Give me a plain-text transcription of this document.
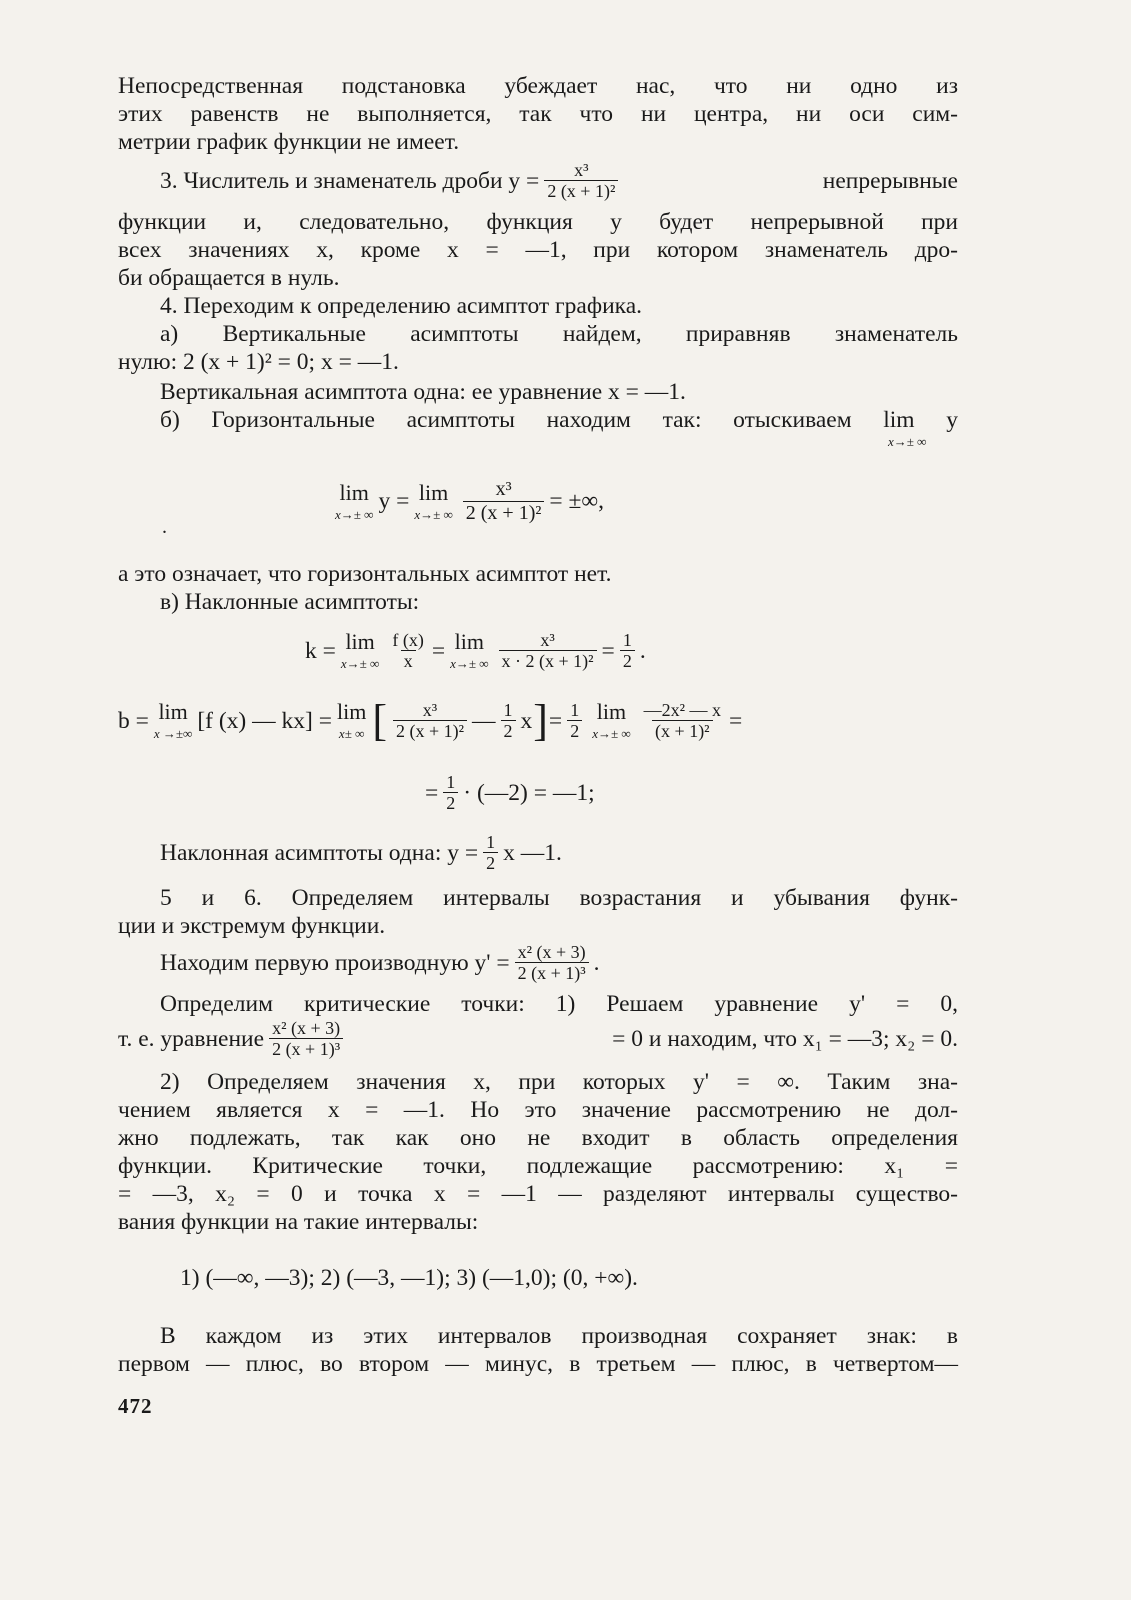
Непосредственная подстановка убеждает нас, что ни одно из
этих равенств не выполняется, так что ни центра, ни оси сим-
метрии график функции не имеет.
3. Числитель и знаменатель дроби $y = \frac{\text{x³}}{\text{2 (x + 1)²}}$	непрерывные
функции и, следовательно, функция y будет непрерывной при
всех значениях x, кроме x = —1, при котором знаменатель дро-
би обращается в нуль.
4. Переходим к определению асимптот графика.
а) Вертикальные асимптоты найдем, приравняв знаменатель
нулю: 2 (x + 1)² = 0; x = —1.
Вертикальная асимптота одна: ее уравнение x = —1.
б) Горизонтальные асимптоты находим так: отыскиваем lim y
x→± ∞
.
lim
x→± ∞ y = lim
x→± ∞ $\frac{\text{x³}}{\text{2 (x + 1)²}}$ = ±∞,
а это означает, что горизонтальных асимптот нет.
в) Наклонные асимптоты:
k = lim
x→± ∞ $\frac{f (x)}{x} = \lim$
x→± ∞ $\frac{\text{x³}}{\text{x · 2 (x + 1)²}} = \frac{1}{2}$ .
b = lim
x →±∞ [f (x) — kx] = lim
x± ∞ [ $\frac{\text{x³}}{\text{2 (x + 1)²}}$ — $\frac{1}{2}$ x ] = $\frac{1}{2}$ lim
x→± ∞ $\frac{\text{—2x² — x}}{\text{(x + 1)²}}$ =
= $\frac{1}{2}$ · (—2) = —1;
Наклонная асимптоты одна: $y = \frac{1}{2}$ x —1.
5 и 6. Определяем интервалы возрастания и убывания функ-
ции и экстремум функции.
Находим первую производную $y' = \frac{\text{x² (x + 3)}}{\text{2 (x + 1)³}}$ .
Определим критические точки: 1) Решаем уравнение y' = 0,
т. е. уравнение $\frac{\text{x² (x + 3)}}{\text{2 (x + 1)³}}$	= 0 и находим, что x₁ = —3; x₂ = 0.
2) Определяем значения x, при которых y' = ∞. Таким зна-
чением является x = —1. Но это значение рассмотрению не дол-
жно подлежать, так как оно не входит в область определения
функции. Критические точки, подлежащие рассмотрению: x₁ =
= —3, x₂ = 0 и точка x = —1 — разделяют интервалы существо-
вания функции на такие интервалы:
1) (—∞, —3); 2) (—3, —1); 3) (—1,0); (0, +∞).
В каждом из этих интервалов производная сохраняет знак: в
первом — плюс, во втором — минус, в третьем — плюс, в четвертом—
472
